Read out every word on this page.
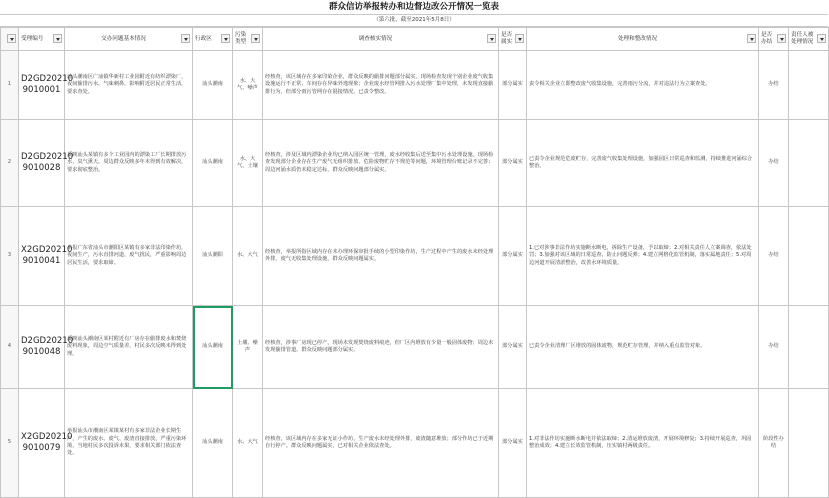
群众信访举报转办和边督边改公开情况一览表
（第六批，截至2021年5月8日）

	受理编号	交办问题基本情况	行政区	污染类型	调查核实情况	是否属实	处理和整改情况	是否办结	责任人被处理情况

1	D2GD20210 9010001	汕头潮南区广汕镇华新村工业园附近有纺织漂染厂，夜间偷排污水，气味刺鼻，影响附近居民正常生活，要求查处。	汕头潮南	水、大气、噪声	经核查，该区域存在多家印染企业，群众反映的偷排问题部分属实。现场检查发现个别企业废气收集设施运行不正常，车间存在异味外逸现象；企业废水经管网排入污水处理厂集中处理，未发现直接偷排行为，但部分雨污管网存在混接情况，已责令整改。	部分属实	责令相关企业立即整改废气收集设施，完善雨污分流，并对违法行为立案查处。	办结	
2	D2GD20210 9010028	反映汕头某镇有多个工业园内的漂染工厂长期排放污水，臭气熏天，周边群众反映多年未得到有效解决，要求彻底整治。	汕头潮南	水、大气、土壤	经核查，涉及区域内漂染企业均已纳入园区统一管理，废水经收集后送至集中污水处理设施。现场检查发现部分企业存在生产废气无组织排放、危险废物贮存不规范等问题，环境管理台账记录不完善；周边河涌水质仍未稳定达标，群众反映问题部分属实。	部分属实	已责令企业规范危废贮存，完善废气收集处理设施，加强园区日常巡查和监测，持续推进河涌综合整治。	办结	
3	X2GD20210 9010041	举报广东省汕头市潮阳区某镇有多家非法印染作坊，夜间生产，污水直排河道，废气扰民，严重影响周边居民生活，要求取缔。	汕头潮阳	水、大气	经核查，举报所指区域内存在未办理环保审批手续的小型印染作坊，生产过程中产生的废水未经处理外排，废气无收集处理设施，群众反映问题属实。	部分属实	1.已对涉事非法作坊实施断水断电，拆除生产设备，予以取缔；2.对相关责任人立案调查，依法处罚；3.加强对该区域的日常巡查，防止问题反弹；4.建立网格化监管机制，落实属地责任；5.对周边河道开展清淤整治，改善水环境质量。	办结	
4	D2GD20210 9010048	反映汕头潮南区某村附近有厂房存在偷排废水和焚烧废料现象，周边空气质量差，村民多次反映未得到处理。	汕头潮南	土壤、噪声	经核查，涉事厂房现已停产，现场未发现焚烧废料痕迹，但厂区内堆放有少量一般固体废物；周边未发现偷排管道。群众反映问题部分属实。	部分属实	已责令企业清理厂区堆放的固体废物，规范贮存管理，并纳入重点监管对象。	办结	
5	X2GD20210 9010079	举报汕头市潮南区某镇某村有多家非法企业长期生产，产生的废水、废气、废渣直接排放，严重污染环境，当地村民多次投诉未果，要求相关部门依法查处。	汕头潮南	水、大气	经核查，该区域内存在多家无证小作坊，生产废水未经处理外排，废渣随意堆放；部分作坊已于近期自行停产。群众反映问题属实，已对相关企业依法查处。	部分属实	1.对非法作坊实施断水断电并依法取缔；2.清运堆放废渣，开展环境修复；3.持续开展巡查，巩固整治成效；4.建立长效监管机制，压实镇村两级责任。	阶段性办结	
